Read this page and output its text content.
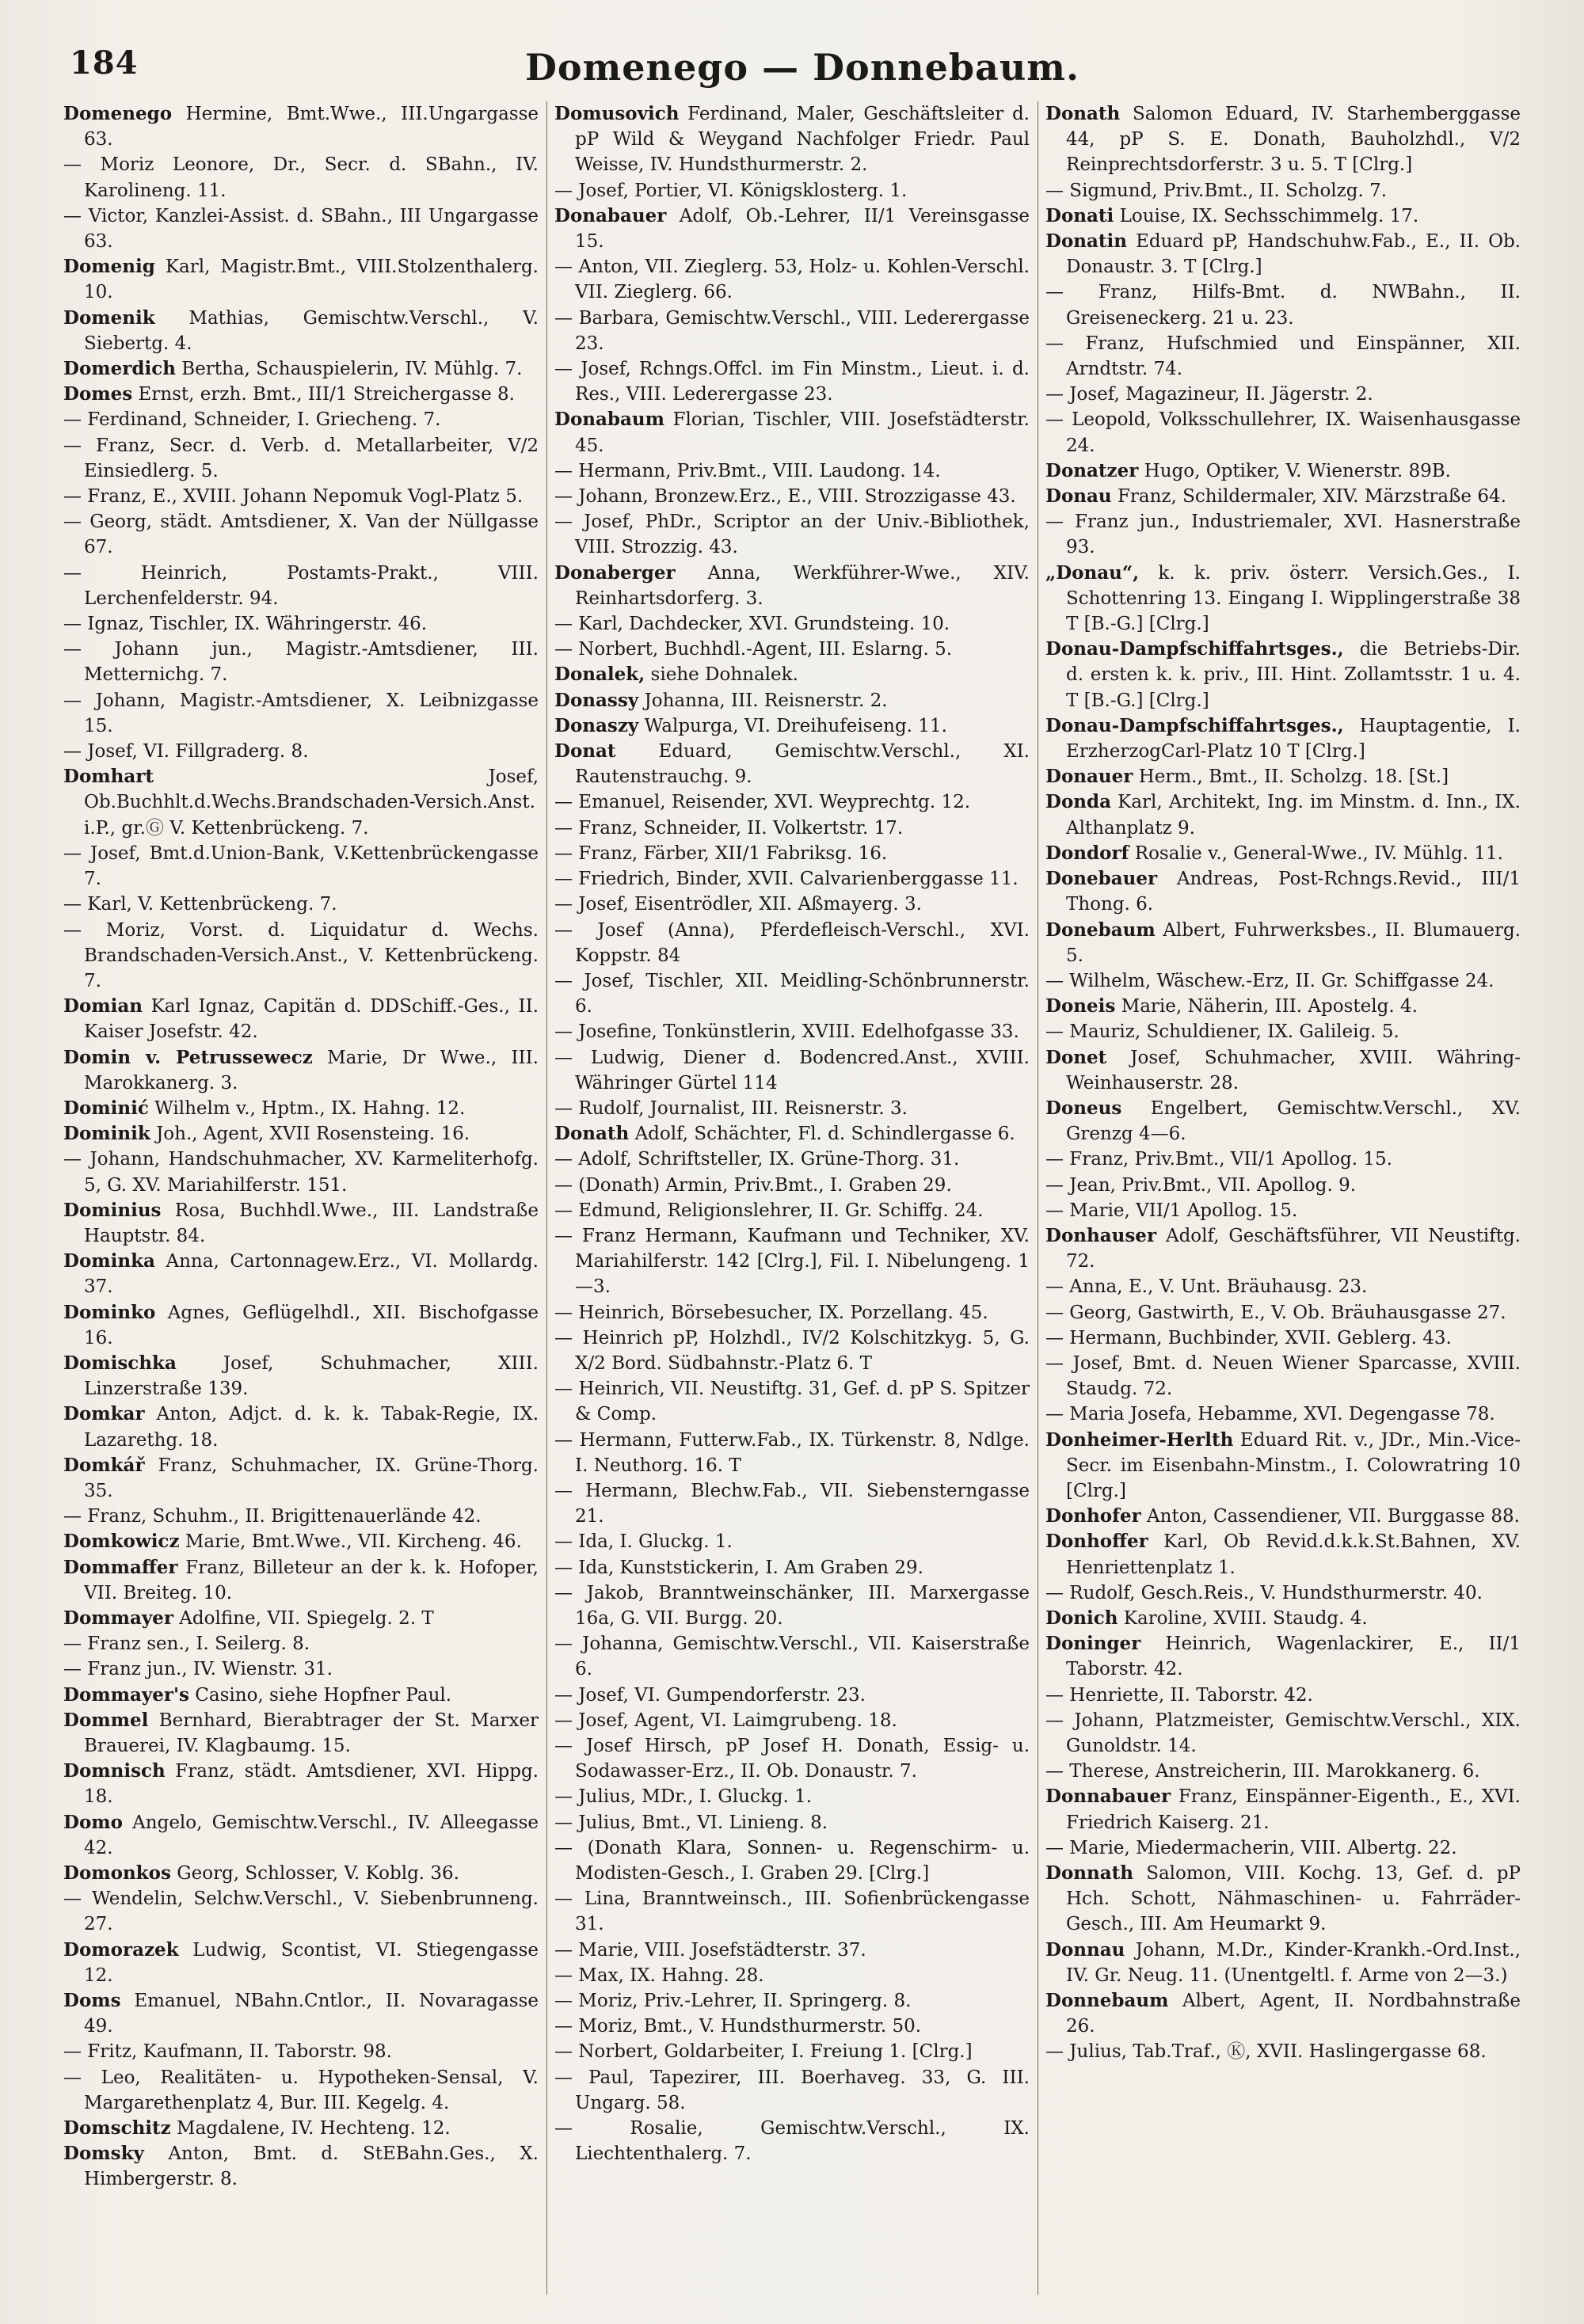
184	Domenego — Donnebaum.
Domenego Hermine, Bmt.Wwe., III.Ungargasse 63.
— Moriz Leonore, Dr., Secr. d. SBahn., IV. Karolineng. 11.
— Victor, Kanzlei-Assist. d. SBahn., III Ungargasse 63.
Domenig Karl, Magistr.Bmt., VIII.Stolzenthalerg. 10.
Domenik Mathias, Gemischtw.Verschl., V. Siebertg. 4.
Domerdich Bertha, Schauspielerin, IV. Mühlg. 7.
Domes Ernst, erzh. Bmt., III/1 Streichergasse 8.
— Ferdinand, Schneider, I. Griecheng. 7.
— Franz, Secr. d. Verb. d. Metallarbeiter, V/2 Einsiedlerg. 5.
— Franz, E., XVIII. Johann Nepomuk Vogl-Platz 5.
— Georg, städt. Amtsdiener, X. Van der Nüllgasse 67.
— Heinrich, Postamts-Prakt., VIII. Lerchenfelderstr. 94.
— Ignaz, Tischler, IX. Währingerstr. 46.
— Johann jun., Magistr.-Amtsdiener, III. Metternichg. 7.
— Johann, Magistr.-Amtsdiener, X. Leibnizgasse 15.
— Josef, VI. Fillgraderg. 8.
Domhart Josef, Ob.Buchhlt.d.Wechs.Brandschaden-Versich.Anst. i.P., gr.Ⓖ V. Kettenbrückeng. 7.
— Josef, Bmt.d.Union-Bank, V.Kettenbrückengasse 7.
— Karl, V. Kettenbrückeng. 7.
— Moriz, Vorst. d. Liquidatur d. Wechs. Brandschaden-Versich.Anst., V. Kettenbrückeng. 7.
Domian Karl Ignaz, Capitän d. DDSchiff.-Ges., II. Kaiser Josefstr. 42.
Domin v. Petrussewecz Marie, Dr Wwe., III. Marokkanerg. 3.
Dominić Wilhelm v., Hptm., IX. Hahng. 12.
Dominik Joh., Agent, XVII Rosensteing. 16.
— Johann, Handschuhmacher, XV. Karmeliterhofg. 5, G. XV. Mariahilferstr. 151.
Dominius Rosa, Buchhdl.Wwe., III. Landstraße Hauptstr. 84.
Dominka Anna, Cartonnagew.Erz., VI. Mollardg. 37.
Dominko Agnes, Geflügelhdl., XII. Bischofgasse 16.
Domischka Josef, Schuhmacher, XIII. Linzerstraße 139.
Domkar Anton, Adjct. d. k. k. Tabak-Regie, IX. Lazarethg. 18.
Domkář Franz, Schuhmacher, IX. Grüne-Thorg. 35.
— Franz, Schuhm., II. Brigittenauerlände 42.
Domkowicz Marie, Bmt.Wwe., VII. Kircheng. 46.
Dommaffer Franz, Billeteur an der k. k. Hofoper, VII. Breiteg. 10.
Dommayer Adolfine, VII. Spiegelg. 2. T
— Franz sen., I. Seilerg. 8.
— Franz jun., IV. Wienstr. 31.
Dommayer's Casino, siehe Hopfner Paul.
Dommel Bernhard, Bierabtrager der St. Marxer Brauerei, IV. Klagbaumg. 15.
Domnisch Franz, städt. Amtsdiener, XVI. Hippg. 18.
Domo Angelo, Gemischtw.Verschl., IV. Alleegasse 42.
Domonkos Georg, Schlosser, V. Koblg. 36.
— Wendelin, Selchw.Verschl., V. Siebenbrunneng. 27.
Domorazek Ludwig, Scontist, VI. Stiegengasse 12.
Doms Emanuel, NBahn.Cntlor., II. Novaragasse 49.
— Fritz, Kaufmann, II. Taborstr. 98.
— Leo, Realitäten- u. Hypotheken-Sensal, V. Margarethenplatz 4, Bur. III. Kegelg. 4.
Domschitz Magdalene, IV. Hechteng. 12.
Domsky Anton, Bmt. d. StEBahn.Ges., X. Himbergerstr. 8.
Domusovich Ferdinand, Maler, Geschäftsleiter d. pP Wild & Weygand Nachfolger Friedr. Paul Weisse, IV. Hundsthurmerstr. 2.
— Josef, Portier, VI. Königsklosterg. 1.
Donabauer Adolf, Ob.-Lehrer, II/1 Vereinsgasse 15.
— Anton, VII. Zieglerg. 53, Holz- u. Kohlen-Verschl. VII. Zieglerg. 66.
— Barbara, Gemischtw.Verschl., VIII. Lederergasse 23.
— Josef, Rchngs.Offcl. im Fin Minstm., Lieut. i. d. Res., VIII. Lederergasse 23.
Donabaum Florian, Tischler, VIII. Josefstädterstr. 45.
— Hermann, Priv.Bmt., VIII. Laudong. 14.
— Johann, Bronzew.Erz., E., VIII. Strozzigasse 43.
— Josef, PhDr., Scriptor an der Univ.-Bibliothek, VIII. Strozzig. 43.
Donaberger Anna, Werkführer-Wwe., XIV. Reinhartsdorferg. 3.
— Karl, Dachdecker, XVI. Grundsteing. 10.
— Norbert, Buchhdl.-Agent, III. Eslarng. 5.
Donalek, siehe Dohnalek.
Donassy Johanna, III. Reisnerstr. 2.
Donaszy Walpurga, VI. Dreihufeiseng. 11.
Donat Eduard, Gemischtw.Verschl., XI. Rautenstrauchg. 9.
— Emanuel, Reisender, XVI. Weyprechtg. 12.
— Franz, Schneider, II. Volkertstr. 17.
— Franz, Färber, XII/1 Fabriksg. 16.
— Friedrich, Binder, XVII. Calvarienberggasse 11.
— Josef, Eisentrödler, XII. Aßmayerg. 3.
— Josef (Anna), Pferdefleisch-Verschl., XVI. Koppstr. 84
— Josef, Tischler, XII. Meidling-Schönbrunnerstr. 6.
— Josefine, Tonkünstlerin, XVIII. Edelhofgasse 33.
— Ludwig, Diener d. Bodencred.Anst., XVIII. Währinger Gürtel 114
— Rudolf, Journalist, III. Reisnerstr. 3.
Donath Adolf, Schächter, Fl. d. Schindlergasse 6.
— Adolf, Schriftsteller, IX. Grüne-Thorg. 31.
— (Donath) Armin, Priv.Bmt., I. Graben 29.
— Edmund, Religionslehrer, II. Gr. Schiffg. 24.
— Franz Hermann, Kaufmann und Techniker, XV. Mariahilferstr. 142 [Clrg.], Fil. I. Nibelungeng. 1—3.
— Heinrich, Börsebesucher, IX. Porzellang. 45.
— Heinrich pP, Holzhdl., IV/2 Kolschitzkyg. 5, G. X/2 Bord. Südbahnstr.-Platz 6. T
— Heinrich, VII. Neustiftg. 31, Gef. d. pP S. Spitzer & Comp.
— Hermann, Futterw.Fab., IX. Türkenstr. 8, Ndlge. I. Neuthorg. 16. T
— Hermann, Blechw.Fab., VII. Siebensterngasse 21.
— Ida, I. Gluckg. 1.
— Ida, Kunststickerin, I. Am Graben 29.
— Jakob, Branntweinschänker, III. Marxergasse 16a, G. VII. Burgg. 20.
— Johanna, Gemischtw.Verschl., VII. Kaiserstraße 6.
— Josef, VI. Gumpendorferstr. 23.
— Josef, Agent, VI. Laimgrubeng. 18.
— Josef Hirsch, pP Josef H. Donath, Essig- u. Sodawasser-Erz., II. Ob. Donaustr. 7.
— Julius, MDr., I. Gluckg. 1.
— Julius, Bmt., VI. Linieng. 8.
— (Donath Klara, Sonnen- u. Regenschirm- u. Modisten-Gesch., I. Graben 29. [Clrg.]
— Lina, Branntweinsch., III. Sofienbrückengasse 31.
— Marie, VIII. Josefstädterstr. 37.
— Max, IX. Hahng. 28.
— Moriz, Priv.-Lehrer, II. Springerg. 8.
— Moriz, Bmt., V. Hundsthurmerstr. 50.
— Norbert, Goldarbeiter, I. Freiung 1. [Clrg.]
— Paul, Tapezirer, III. Boerhaveg. 33, G. III. Ungarg. 58.
— Rosalie, Gemischtw.Verschl., IX. Liechtenthalerg. 7.
Donath Salomon Eduard, IV. Starhemberggasse 44, pP S. E. Donath, Bauholzhdl., V/2 Reinprechtsdorferstr. 3 u. 5. T [Clrg.]
— Sigmund, Priv.Bmt., II. Scholzg. 7.
Donati Louise, IX. Sechsschimmelg. 17.
Donatin Eduard pP, Handschuhw.Fab., E., II. Ob. Donaustr. 3. T [Clrg.]
— Franz, Hilfs-Bmt. d. NWBahn., II. Greiseneckerg. 21 u. 23.
— Franz, Hufschmied und Einspänner, XII. Arndtstr. 74.
— Josef, Magazineur, II. Jägerstr. 2.
— Leopold, Volksschullehrer, IX. Waisenhausgasse 24.
Donatzer Hugo, Optiker, V. Wienerstr. 89B.
Donau Franz, Schildermaler, XIV. Märzstraße 64.
— Franz jun., Industriemaler, XVI. Hasnerstraße 93.
„Donau“, k. k. priv. österr. Versich.Ges., I. Schottenring 13. Eingang I. Wipplingerstraße 38 T [B.-G.] [Clrg.]
Donau-Dampfschiffahrtsges., die Betriebs-Dir. d. ersten k. k. priv., III. Hint. Zollamtsstr. 1 u. 4. T [B.-G.] [Clrg.]
Donau-Dampfschiffahrtsges., Hauptagentie, I. ErzherzogCarl-Platz 10 T [Clrg.]
Donauer Herm., Bmt., II. Scholzg. 18. [St.]
Donda Karl, Architekt, Ing. im Minstm. d. Inn., IX. Althanplatz 9.
Dondorf Rosalie v., General-Wwe., IV. Mühlg. 11.
Donebauer Andreas, Post-Rchngs.Revid., III/1 Thong. 6.
Donebaum Albert, Fuhrwerksbes., II. Blumauerg. 5.
— Wilhelm, Wäschew.-Erz, II. Gr. Schiffgasse 24.
Doneis Marie, Näherin, III. Apostelg. 4.
— Mauriz, Schuldiener, IX. Galileig. 5.
Donet Josef, Schuhmacher, XVIII. Währing-Weinhauserstr. 28.
Doneus Engelbert, Gemischtw.Verschl., XV. Grenzg 4—6.
— Franz, Priv.Bmt., VII/1 Apollog. 15.
— Jean, Priv.Bmt., VII. Apollog. 9.
— Marie, VII/1 Apollog. 15.
Donhauser Adolf, Geschäftsführer, VII Neustiftg. 72.
— Anna, E., V. Unt. Bräuhausg. 23.
— Georg, Gastwirth, E., V. Ob. Bräuhausgasse 27.
— Hermann, Buchbinder, XVII. Geblerg. 43.
— Josef, Bmt. d. Neuen Wiener Sparcasse, XVIII. Staudg. 72.
— Maria Josefa, Hebamme, XVI. Degengasse 78.
Donheimer-Herlth Eduard Rit. v., JDr., Min.-Vice-Secr. im Eisenbahn-Minstm., I. Colowratring 10 [Clrg.]
Donhofer Anton, Cassendiener, VII. Burggasse 88.
Donhoffer Karl, Ob Revid.d.k.k.St.Bahnen, XV. Henriettenplatz 1.
— Rudolf, Gesch.Reis., V. Hundsthurmerstr. 40.
Donich Karoline, XVIII. Staudg. 4.
Doninger Heinrich, Wagenlackirer, E., II/1 Taborstr. 42.
— Henriette, II. Taborstr. 42.
— Johann, Platzmeister, Gemischtw.Verschl., XIX. Gunoldstr. 14.
— Therese, Anstreicherin, III. Marokkanerg. 6.
Donnabauer Franz, Einspänner-Eigenth., E., XVI. Friedrich Kaiserg. 21.
— Marie, Miedermacherin, VIII. Albertg. 22.
Donnath Salomon, VIII. Kochg. 13, Gef. d. pP Hch. Schott, Nähmaschinen- u. Fahrräder-Gesch., III. Am Heumarkt 9.
Donnau Johann, M.Dr., Kinder-Krankh.-Ord.Inst., IV. Gr. Neug. 11. (Unentgeltl. f. Arme von 2—3.)
Donnebaum Albert, Agent, II. Nordbahnstraße 26.
— Julius, Tab.Traf., Ⓚ, XVII. Haslingergasse 68.
